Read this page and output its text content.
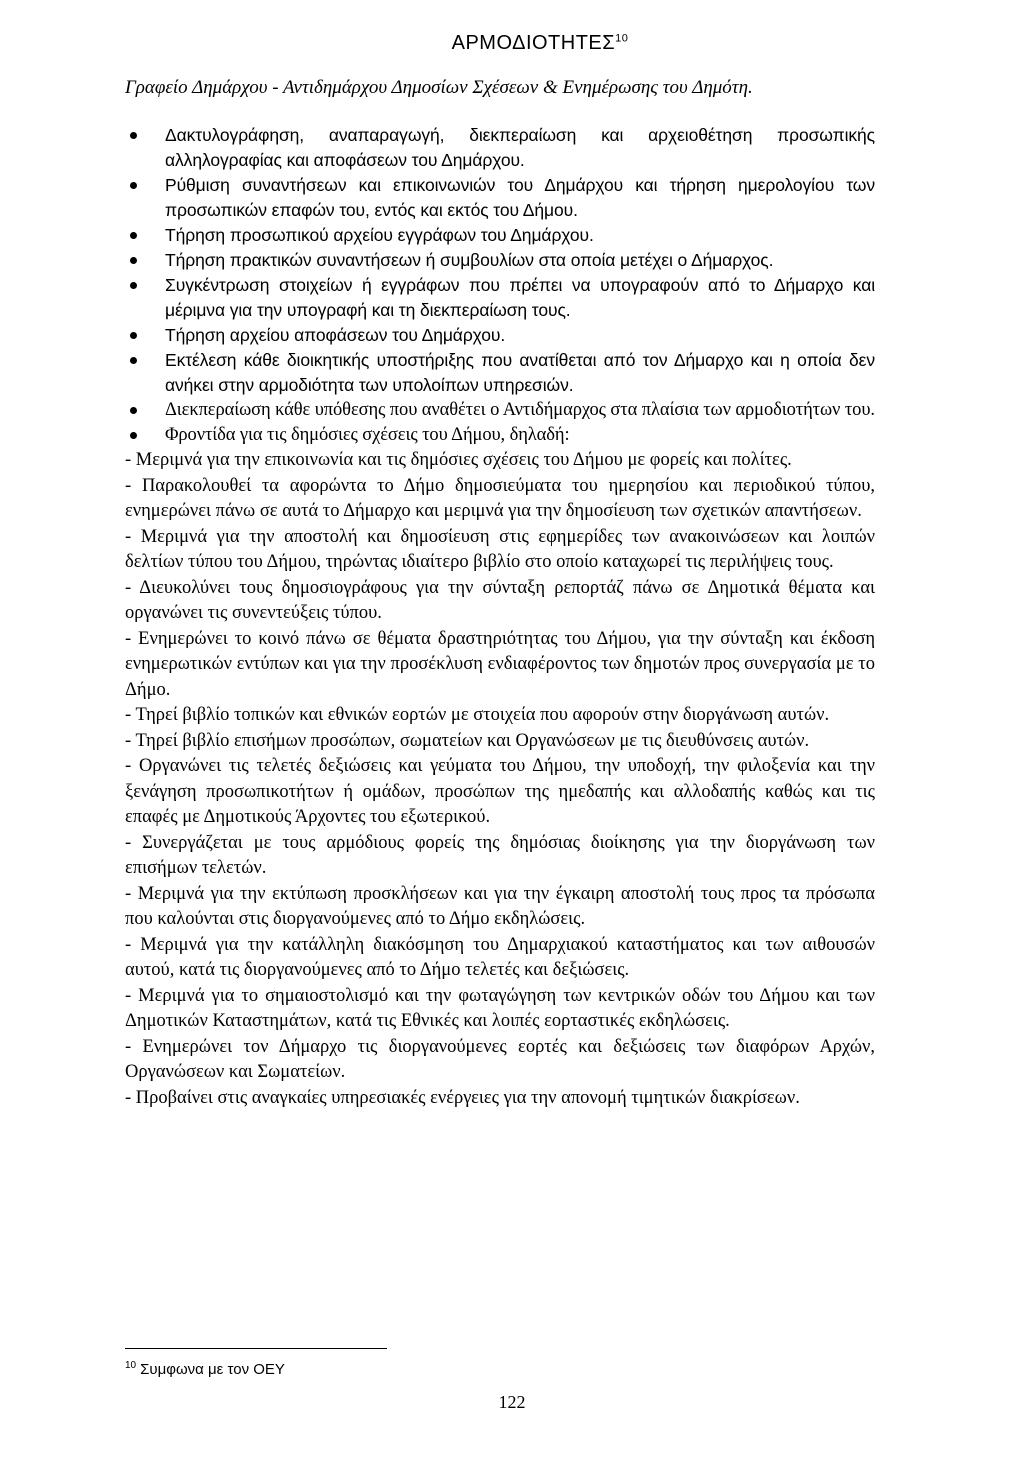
ΑΡΜΟΔΙΟΤΗΤΕΣ$^{10}$

Γραφείο Δημάρχου - Αντιδημάρχου Δημοσίων Σχέσεων & Ενημέρωσης του Δημότη.

Δακτυλογράφηση, αναπαραγωγή, διεκπεραίωση και αρχειοθέτηση προσωπικής αλληλογραφίας και αποφάσεων του Δημάρχου.
Ρύθμιση συναντήσεων και επικοινωνιών του Δημάρχου και τήρηση ημερολογίου των προσωπικών επαφών του, εντός και εκτός του Δήμου.
Τήρηση προσωπικού αρχείου εγγράφων του Δημάρχου.
Τήρηση πρακτικών συναντήσεων ή συμβουλίων στα οποία μετέχει ο Δήμαρχος.
Συγκέντρωση στοιχείων ή εγγράφων που πρέπει να υπογραφούν από το Δήμαρχο και μέριμνα για την υπογραφή και τη διεκπεραίωση τους.
Τήρηση αρχείου αποφάσεων του Δημάρχου.
Εκτέλεση κάθε διοικητικής υποστήριξης που ανατίθεται από τον Δήμαρχο και η οποία δεν ανήκει στην αρμοδιότητα των υπολοίπων υπηρεσιών.
Διεκπεραίωση κάθε υπόθεσης που αναθέτει ο Αντιδήμαρχος στα πλαίσια των αρμοδιοτήτων του.
Φροντίδα για τις δημόσιες σχέσεις του Δήμου, δηλαδή:

- Μεριμνά για την επικοινωνία και τις δημόσιες σχέσεις του Δήμου με φορείς και πολίτες.

- Παρακολουθεί τα αφορώντα το Δήμο δημοσιεύματα του ημερησίου και περιοδικού τύπου, ενημερώνει πάνω σε αυτά το Δήμαρχο και μεριμνά για την δημοσίευση των σχετικών απαντήσεων.

- Μεριμνά για την αποστολή και δημοσίευση στις εφημερίδες των ανακοινώσεων και λοιπών δελτίων τύπου του Δήμου, τηρώντας ιδιαίτερο βιβλίο στο οποίο καταχωρεί τις περιλήψεις τους.

- Διευκολύνει τους δημοσιογράφους για την σύνταξη ρεπορτάζ πάνω σε Δημοτικά θέματα και οργανώνει τις συνεντεύξεις τύπου.

- Ενημερώνει το κοινό πάνω σε θέματα δραστηριότητας του Δήμου, για την σύνταξη και έκδοση ενημερωτικών εντύπων και για την προσέκλυση ενδιαφέροντος των δημοτών προς συνεργασία με το Δήμο.

- Τηρεί βιβλίο τοπικών και εθνικών εορτών με στοιχεία που αφορούν στην διοργάνωση αυτών.

- Τηρεί βιβλίο επισήμων προσώπων, σωματείων και Οργανώσεων με τις διευθύνσεις αυτών.

- Οργανώνει τις τελετές δεξιώσεις και γεύματα του Δήμου, την υποδοχή, την φιλοξενία και την ξενάγηση προσωπικοτήτων ή ομάδων, προσώπων της ημεδαπής και αλλοδαπής καθώς και τις επαφές με Δημοτικούς Άρχοντες του εξωτερικού.

- Συνεργάζεται με τους αρμόδιους φορείς της δημόσιας διοίκησης για την διοργάνωση των επισήμων τελετών.

- Μεριμνά για την εκτύπωση προσκλήσεων και για την έγκαιρη αποστολή τους προς τα πρόσωπα που καλούνται στις διοργανούμενες από το Δήμο εκδηλώσεις.

- Μεριμνά για την κατάλληλη διακόσμηση του Δημαρχιακού καταστήματος και των αιθουσών αυτού, κατά τις διοργανούμενες από το Δήμο τελετές και δεξιώσεις.

- Μεριμνά για το σημαιοστολισμό και την φωταγώγηση των κεντρικών οδών του Δήμου και των Δημοτικών Καταστημάτων, κατά τις Εθνικές και λοιπές εορταστικές εκδηλώσεις.

- Ενημερώνει τον Δήμαρχο τις διοργανούμενες εορτές και δεξιώσεις των διαφόρων Αρχών, Οργανώσεων και Σωματείων.

- Προβαίνει στις αναγκαίες υπηρεσιακές ενέργειες για την απονομή τιμητικών διακρίσεων.

$^{10}$ Συμφωνα με τον ΟΕΥ
122
